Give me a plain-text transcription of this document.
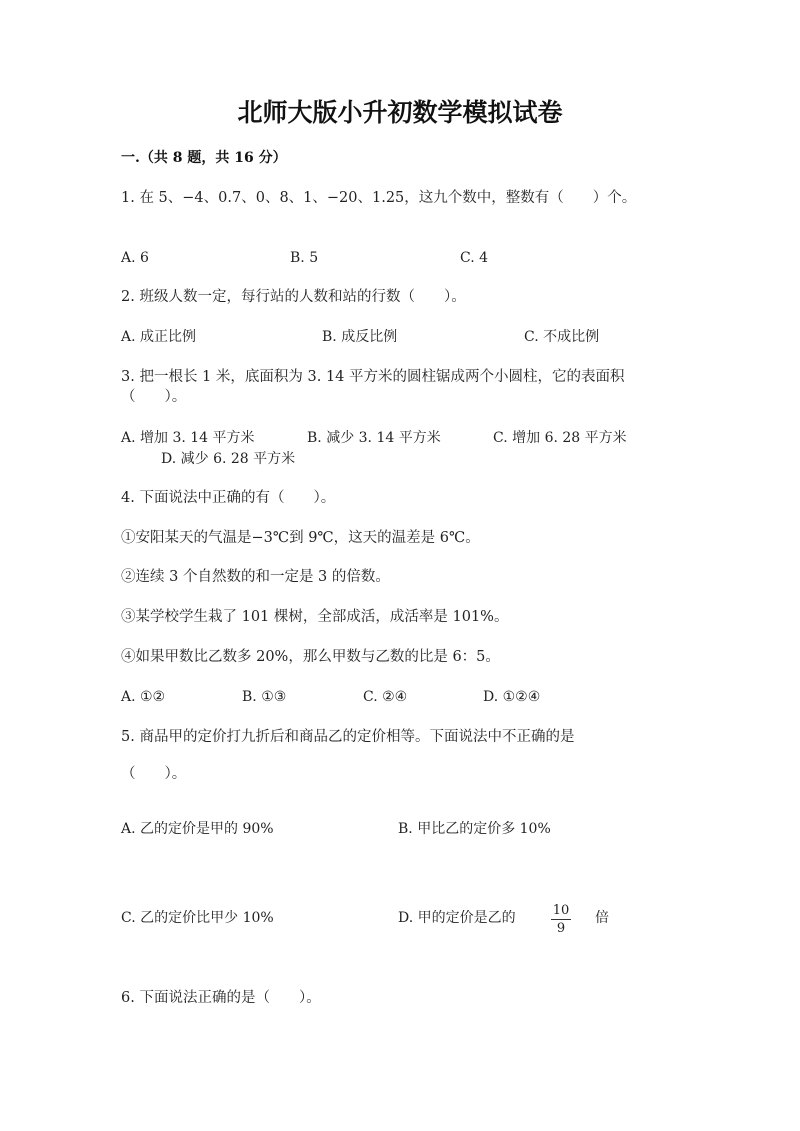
北师大版小升初数学模拟试卷
一.（共 8 题，共 16 分）
1. 在 5、−4、0.7、0、8、1、−20、1.25，这九个数中，整数有（　　）个。
A. 6	B. 5	C. 4
2. 班级人数一定，每行站的人数和站的行数（　　）。
A. 成正比例	B. 成反比例	C. 不成比例
3. 把一根长 1 米，底面积为 3. 14 平方米的圆柱锯成两个小圆柱，它的表面积
（　　）。
A. 增加 3. 14 平方米	B. 减少 3. 14 平方米	C. 增加 6. 28 平方米
D. 减少 6. 28 平方米
4. 下面说法中正确的有（　　）。
①安阳某天的气温是−3℃到 9℃，这天的温差是 6℃。
②连续 3 个自然数的和一定是 3 的倍数。
③某学校学生栽了 101 棵树，全部成活，成活率是 101%。
④如果甲数比乙数多 20%，那么甲数与乙数的比是 6：5。
A. ①②	B. ①③	C. ②④	D. ①②④
5. 商品甲的定价打九折后和商品乙的定价相等。下面说法中不正确的是
（　　）。
A. 乙的定价是甲的 90%	B. 甲比乙的定价多 10%
C. 乙的定价比甲少 10%	D. 甲的定价是乙的	10
9
倍
6. 下面说法正确的是（　　）。
